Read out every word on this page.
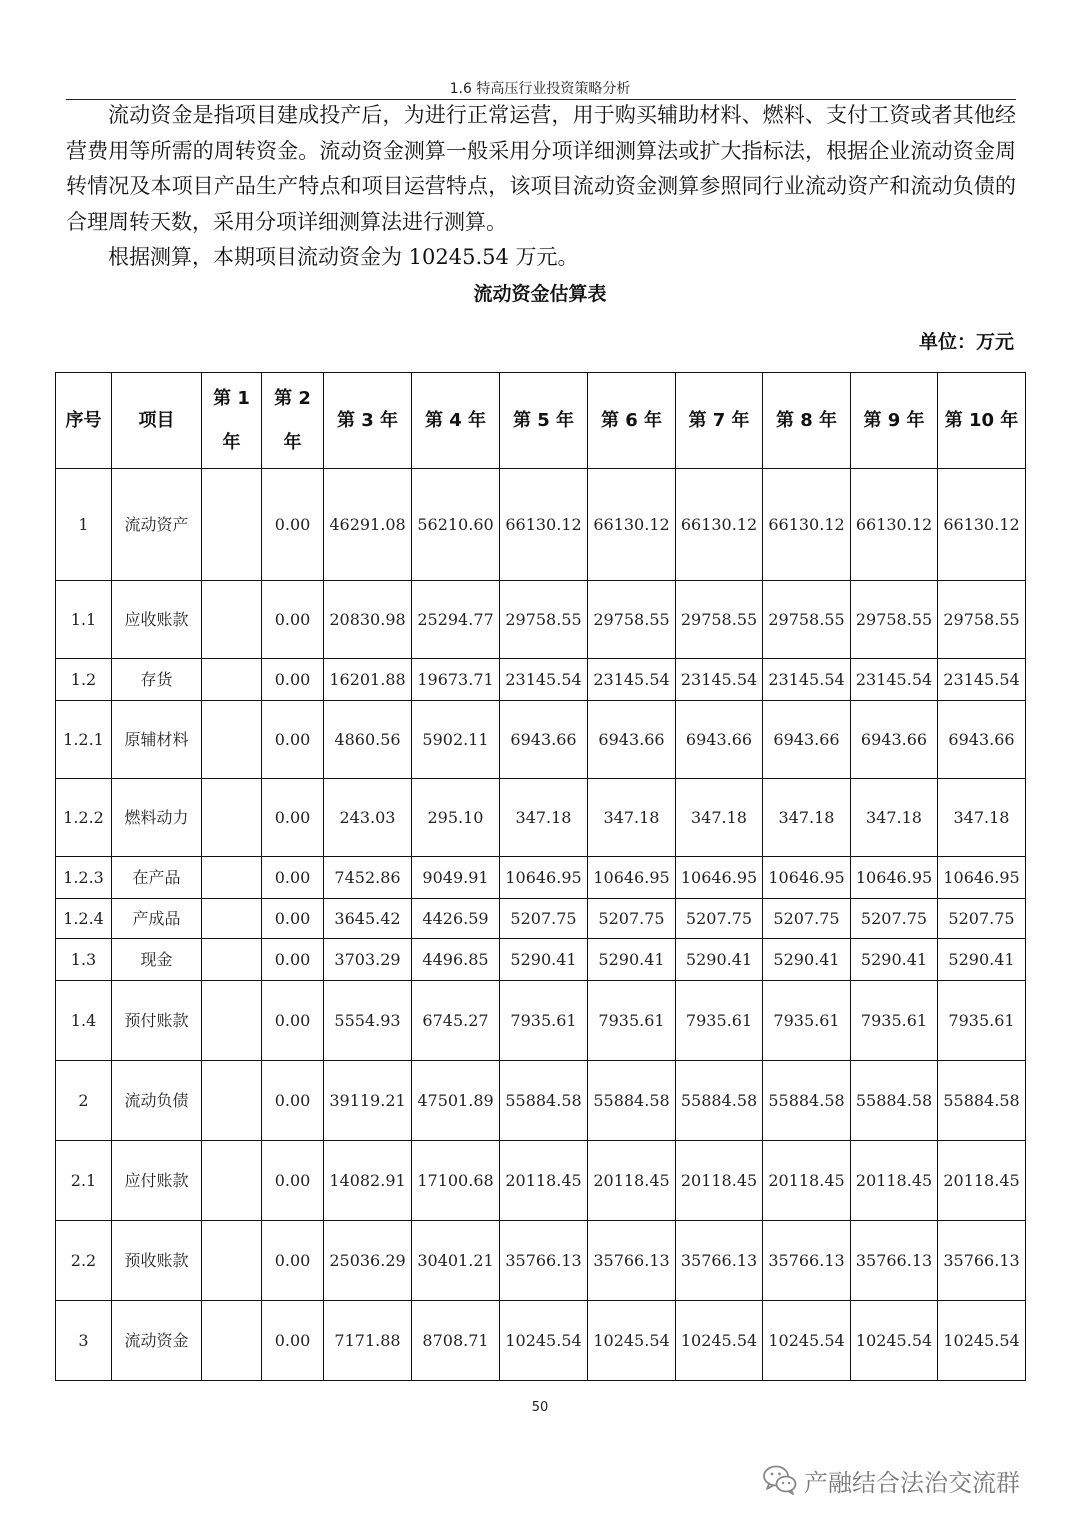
1.6 特高压行业投资策略分析

流动资金是指项目建成投产后，为进行正常运营，用于购买辅助材料、燃料、支付工资或者其他经营费用等所需的周转资金。流动资金测算一般采用分项详细测算法或扩大指标法，根据企业流动资金周转情况及本项目产品生产特点和项目运营特点，该项目流动资金测算参照同行业流动资产和流动负债的合理周转天数，采用分项详细测算法进行测算。

根据测算，本期项目流动资金为 10245.54 万元。

流动资金估算表
单位：万元
序号	项目	第 1 年	第 2 年	第 3 年	第 4 年	第 5 年	第 6 年	第 7 年	第 8 年	第 9 年	第 10 年
1	流动资产		0.00	46291.08	56210.60	66130.12	66130.12	66130.12	66130.12	66130.12	66130.12
1.1	应收账款		0.00	20830.98	25294.77	29758.55	29758.55	29758.55	29758.55	29758.55	29758.55
1.2	存货		0.00	16201.88	19673.71	23145.54	23145.54	23145.54	23145.54	23145.54	23145.54
1.2.1	原辅材料		0.00	4860.56	5902.11	6943.66	6943.66	6943.66	6943.66	6943.66	6943.66
1.2.2	燃料动力		0.00	243.03	295.10	347.18	347.18	347.18	347.18	347.18	347.18
1.2.3	在产品		0.00	7452.86	9049.91	10646.95	10646.95	10646.95	10646.95	10646.95	10646.95
1.2.4	产成品		0.00	3645.42	4426.59	5207.75	5207.75	5207.75	5207.75	5207.75	5207.75
1.3	现金		0.00	3703.29	4496.85	5290.41	5290.41	5290.41	5290.41	5290.41	5290.41
1.4	预付账款		0.00	5554.93	6745.27	7935.61	7935.61	7935.61	7935.61	7935.61	7935.61
2	流动负债		0.00	39119.21	47501.89	55884.58	55884.58	55884.58	55884.58	55884.58	55884.58
2.1	应付账款		0.00	14082.91	17100.68	20118.45	20118.45	20118.45	20118.45	20118.45	20118.45
2.2	预收账款		0.00	25036.29	30401.21	35766.13	35766.13	35766.13	35766.13	35766.13	35766.13
3	流动资金		0.00	7171.88	8708.71	10245.54	10245.54	10245.54	10245.54	10245.54	10245.54
50
产融结合法治交流群
